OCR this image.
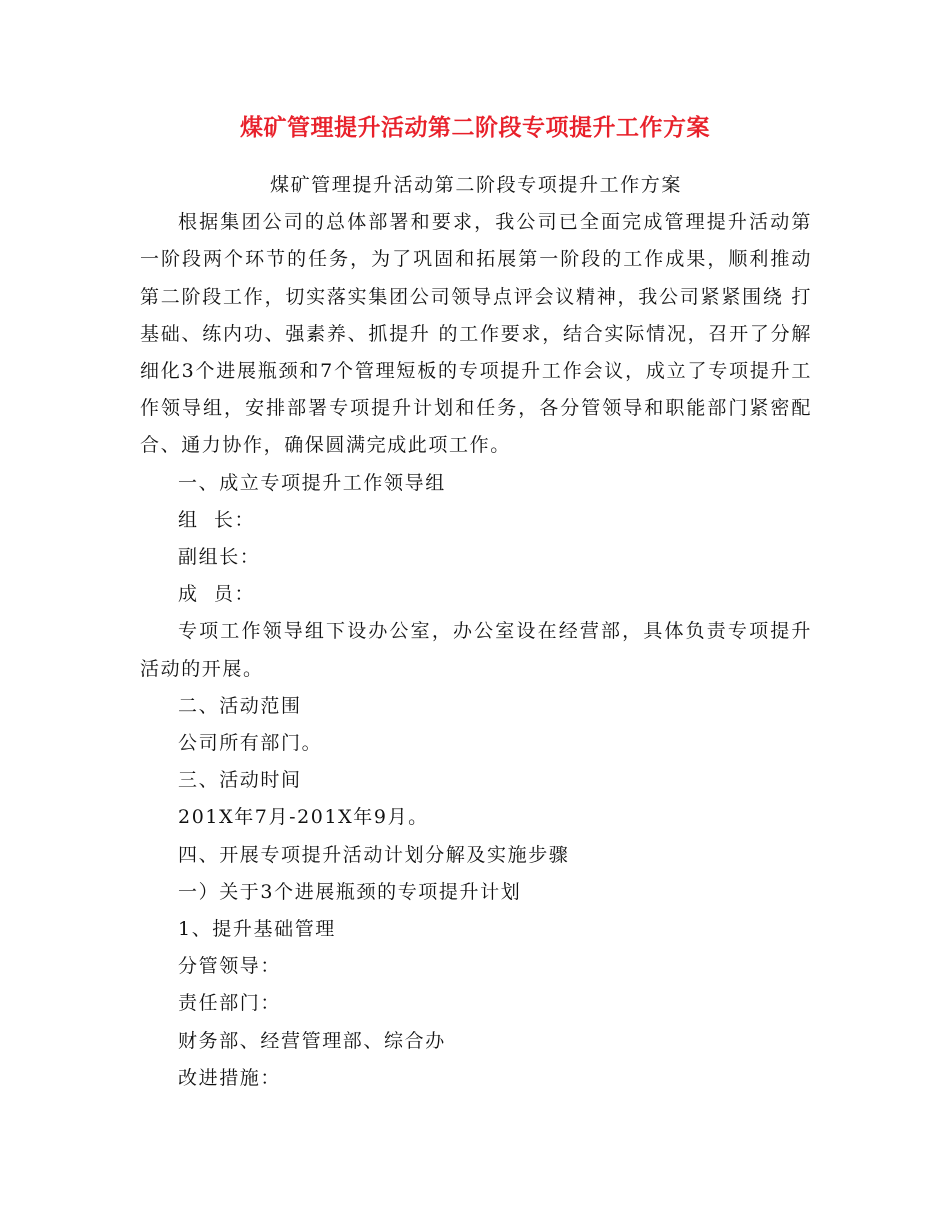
煤矿管理提升活动第二阶段专项提升工作方案

煤矿管理提升活动第二阶段专项提升工作方案

根据集团公司的总体部署和要求，我公司已全面完成管理提升活动第一阶段两个环节的任务，为了巩固和拓展第一阶段的工作成果，顺利推动第二阶段工作，切实落实集团公司领导点评会议精神，我公司紧紧围绕 打基础、练内功、强素养、抓提升 的工作要求，结合实际情况，召开了分解细化3个进展瓶颈和7个管理短板的专项提升工作会议，成立了专项提升工作领导组，安排部署专项提升计划和任务，各分管领导和职能部门紧密配合、通力协作，确保圆满完成此项工作。

一、成立专项提升工作领导组

组  长：

副组长：

成  员：

专项工作领导组下设办公室，办公室设在经营部，具体负责专项提升活动的开展。

二、活动范围

公司所有部门。

三、活动时间

201X年7月-201X年9月。

四、开展专项提升活动计划分解及实施步骤

一）关于3个进展瓶颈的专项提升计划

1、提升基础管理

分管领导：

责任部门：

财务部、经营管理部、综合办

改进措施：
